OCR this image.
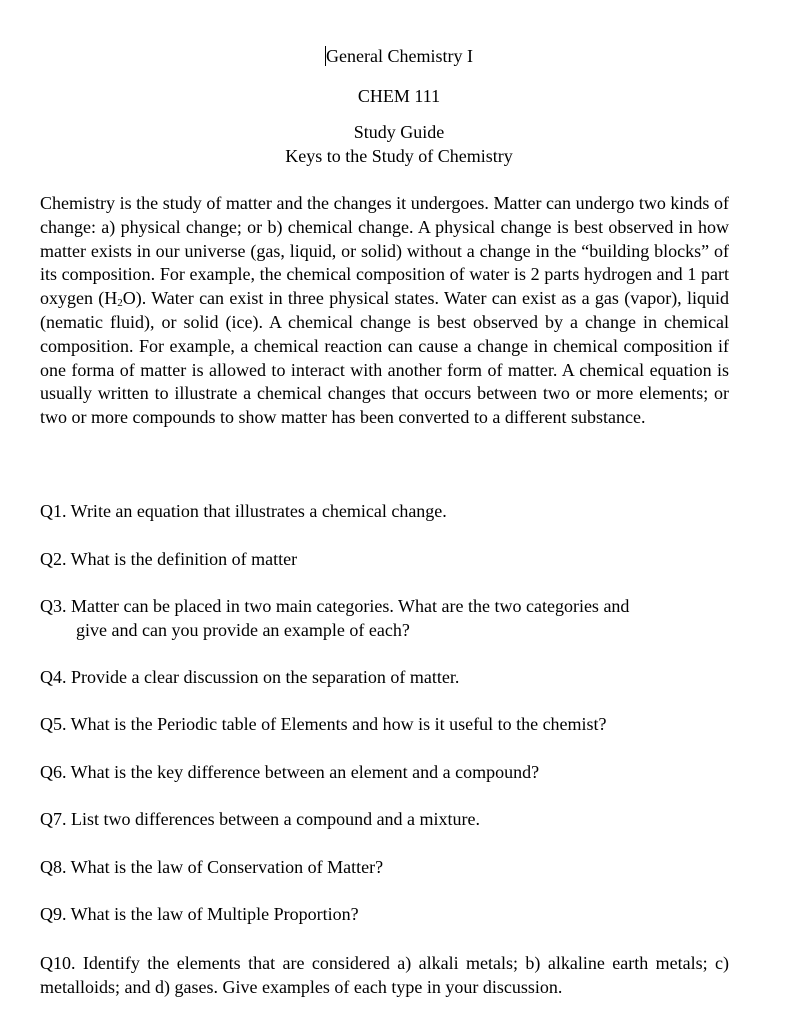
General Chemistry I
CHEM 111
Study Guide
Keys to the Study of Chemistry

Chemistry is the study of matter and the changes it undergoes. Matter can undergo two kinds of change: a) physical change; or b) chemical change. A physical change is best observed in how matter exists in our universe (gas, liquid, or solid) without a change in the “building blocks” of its composition. For example, the chemical composition of water is 2 parts hydrogen and 1 part oxygen $(H_2O)$. Water can exist in three physical states. Water can exist as a gas (vapor), liquid (nematic fluid), or solid (ice). A chemical change is best observed by a change in chemical composition. For example, a chemical reaction can cause a change in chemical composition if one forma of matter is allowed to interact with another form of matter. A chemical equation is usually written to illustrate a chemical changes that occurs between two or more elements; or two or more compounds to show matter has been converted to a different substance.

Q1. Write an equation that illustrates a chemical change.

Q2. What is the definition of matter

Q3. Matter can be placed in two main categories. What are the two categories and

give and can you provide an example of each?

Q4. Provide a clear discussion on the separation of matter.

Q5. What is the Periodic table of Elements and how is it useful to the chemist?

Q6. What is the key difference between an element and a compound?

Q7. List two differences between a compound and a mixture.

Q8. What is the law of Conservation of Matter?

Q9. What is the law of Multiple Proportion?

Q10. Identify the elements that are considered a) alkali metals; b) alkaline earth metals; c) metalloids; and d) gases. Give examples of each type in your discussion.
